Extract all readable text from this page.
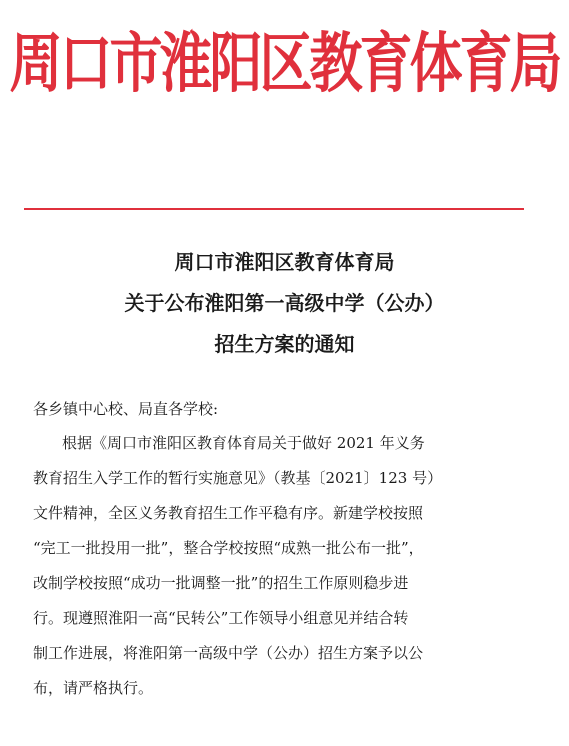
周口市淮阳区教育体育局
周口市淮阳区教育体育局
关于公布淮阳第一高级中学（公办）
招生方案的通知
各乡镇中心校、局直各学校:
根据《周口市淮阳区教育体育局关于做好 2021 年义务
教育招生入学工作的暂行实施意见》（教基〔2021〕123 号）
文件精神，全区义务教育招生工作平稳有序。新建学校按照
“完工一批投用一批”，整合学校按照“成熟一批公布一批”，
改制学校按照“成功一批调整一批”的招生工作原则稳步进
行。现遵照淮阳一高“民转公”工作领导小组意见并结合转
制工作进展，将淮阳第一高级中学（公办）招生方案予以公
布，请严格执行。
